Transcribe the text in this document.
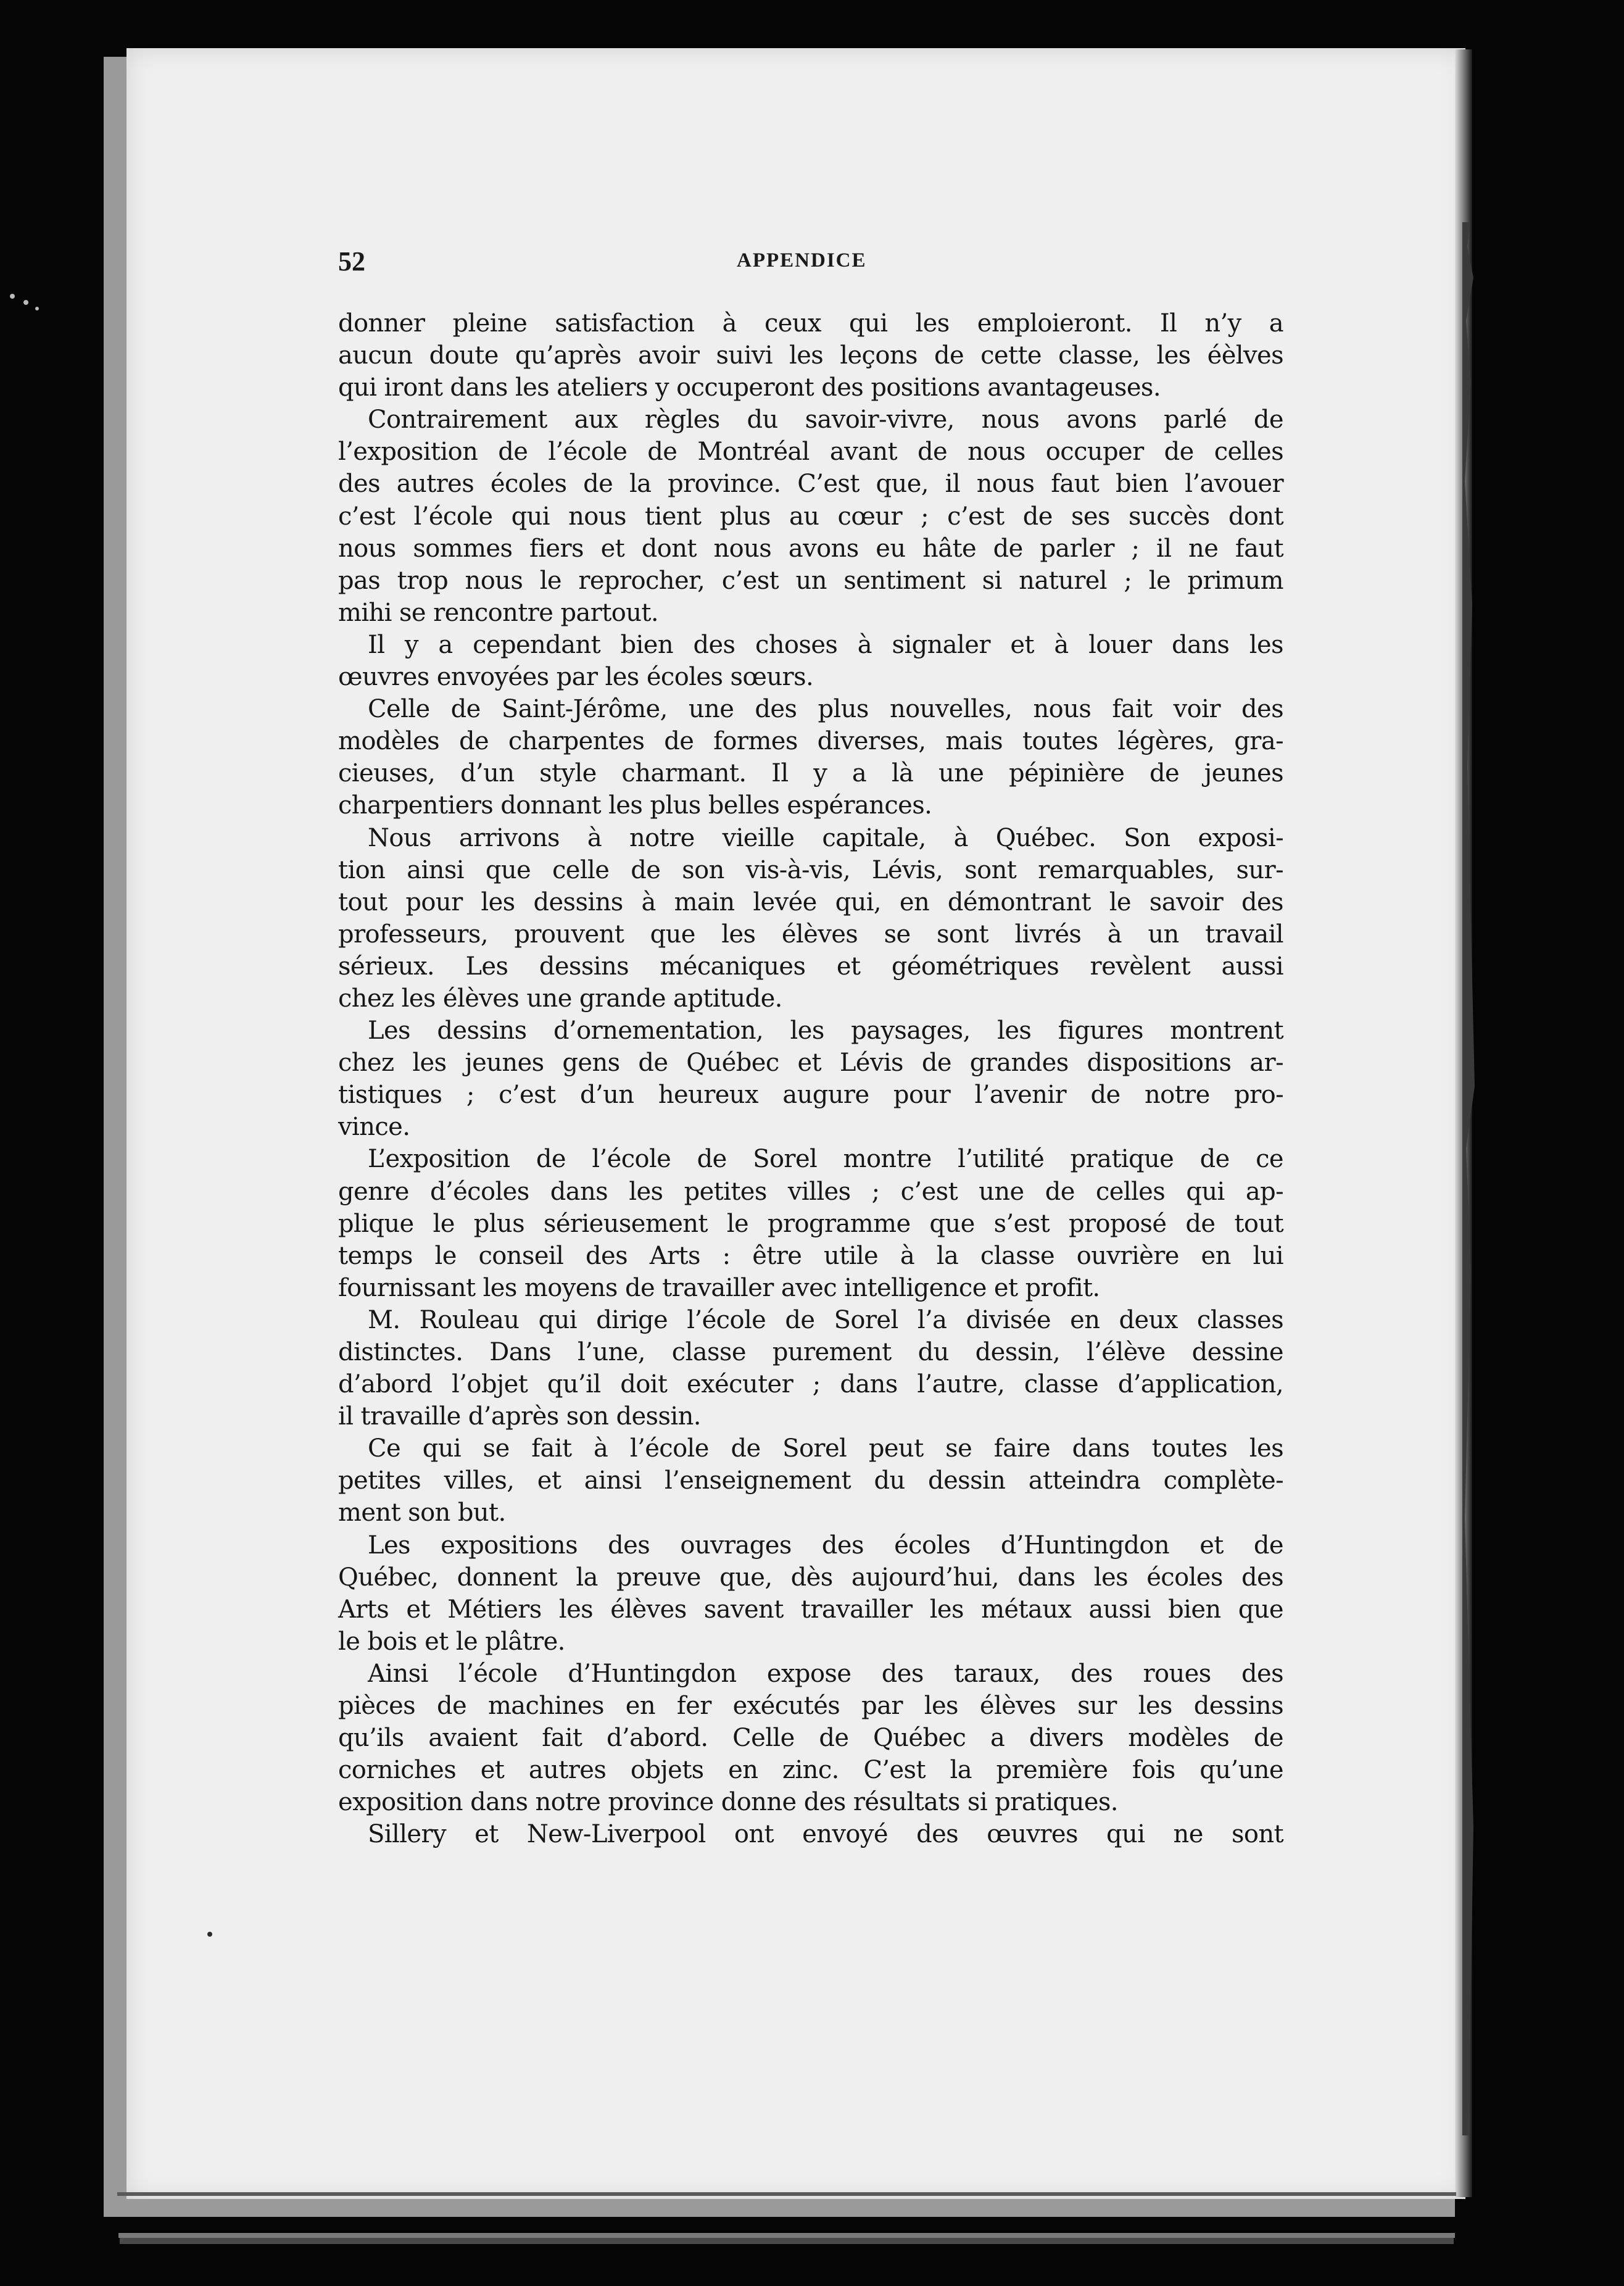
52	APPENDICE
donner pleine satisfaction à ceux qui les emploieront. Il n’y a
aucun doute qu’après avoir suivi les leçons de cette classe, les éèlves
qui iront dans les ateliers y occuperont des positions avantageuses.
Contrairement aux règles du savoir-vivre, nous avons parlé de
l’exposition de l’école de Montréal avant de nous occuper de celles
des autres écoles de la province. C’est que, il nous faut bien l’avouer
c’est l’école qui nous tient plus au cœur ; c’est de ses succès dont
nous sommes fiers et dont nous avons eu hâte de parler ; il ne faut
pas trop nous le reprocher, c’est un sentiment si naturel ; le primum
mihi se rencontre partout.
Il y a cependant bien des choses à signaler et à louer dans les
œuvres envoyées par les écoles sœurs.
Celle de Saint-Jérôme, une des plus nouvelles, nous fait voir des
modèles de charpentes de formes diverses, mais toutes légères, gra-
cieuses, d’un style charmant. Il y a là une pépinière de jeunes
charpentiers donnant les plus belles espérances.
Nous arrivons à notre vieille capitale, à Québec. Son exposi-
tion ainsi que celle de son vis-à-vis, Lévis, sont remarquables, sur-
tout pour les dessins à main levée qui, en démontrant le savoir des
professeurs, prouvent que les élèves se sont livrés à un travail
sérieux. Les dessins mécaniques et géométriques revèlent aussi
chez les élèves une grande aptitude.
Les dessins d’ornementation, les paysages, les figures montrent
chez les jeunes gens de Québec et Lévis de grandes dispositions ar-
tistiques ; c’est d’un heureux augure pour l’avenir de notre pro-
vince.
L’exposition de l’école de Sorel montre l’utilité pratique de ce
genre d’écoles dans les petites villes ; c’est une de celles qui ap-
plique le plus sérieusement le programme que s’est proposé de tout
temps le conseil des Arts : être utile à la classe ouvrière en lui
fournissant les moyens de travailler avec intelligence et profit.
M. Rouleau qui dirige l’école de Sorel l’a divisée en deux classes
distinctes. Dans l’une, classe purement du dessin, l’élève dessine
d’abord l’objet qu’il doit exécuter ; dans l’autre, classe d’application,
il travaille d’après son dessin.
Ce qui se fait à l’école de Sorel peut se faire dans toutes les
petites villes, et ainsi l’enseignement du dessin atteindra complète-
ment son but.
Les expositions des ouvrages des écoles d’Huntingdon et de
Québec, donnent la preuve que, dès aujourd’hui, dans les écoles des
Arts et Métiers les élèves savent travailler les métaux aussi bien que
le bois et le plâtre.
Ainsi l’école d’Huntingdon expose des taraux, des roues des
pièces de machines en fer exécutés par les élèves sur les dessins
qu’ils avaient fait d’abord. Celle de Québec a divers modèles de
corniches et autres objets en zinc. C’est la première fois qu’une
exposition dans notre province donne des résultats si pratiques.
Sillery et New-Liverpool ont envoyé des œuvres qui ne sont
